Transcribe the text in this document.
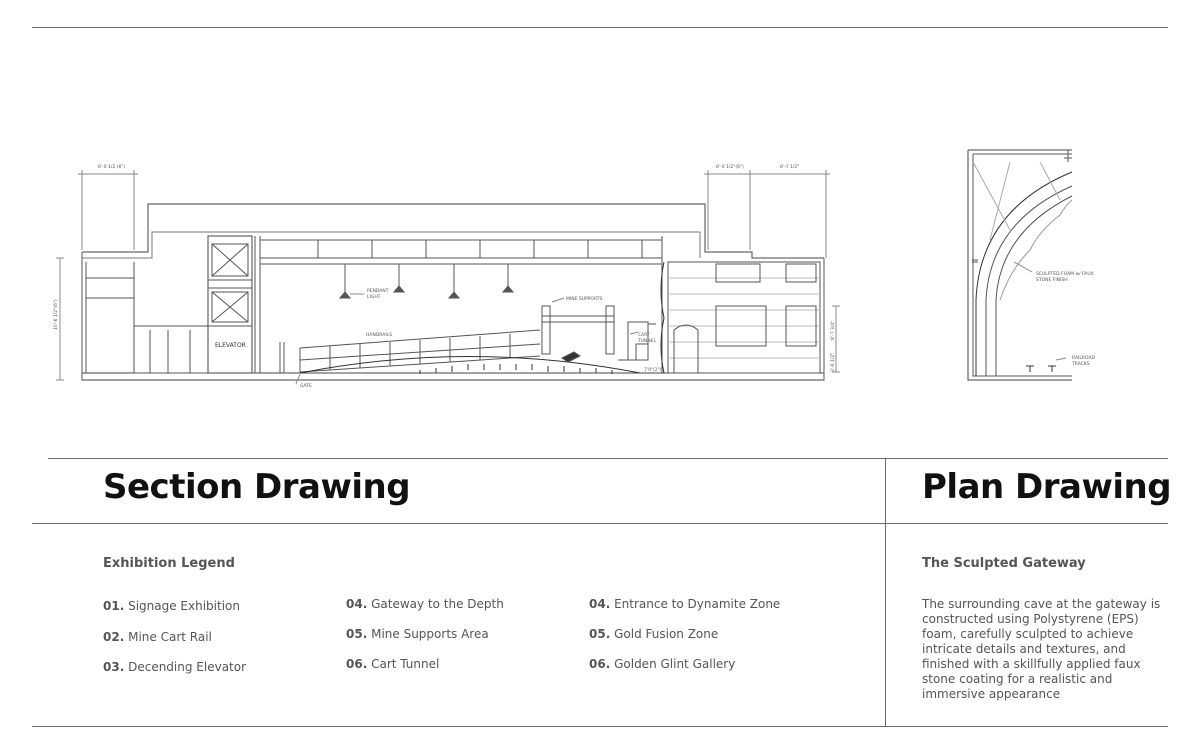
ELEVATOR
PENDANT
LIGHT	MINE SUPPORTS
HANDRAILS	CART
TUNNEL
GATE
6'-0 1/2 (6")	6'-0 1/2"(6")	6'-7 1/2"
10'-6 1/2"(6")
8'-7 3/4"
3'-6 1/2"
7'9"(2")
SCULPTED FOAM w/ FAUX
STONE FINISH
RAILROAD
TRACKS
Section Drawing
Exhibition Legend
01. Signage Exhibition
02. Mine Cart Rail
03. Decending Elevator
04. Gateway to the Depth
05. Mine Supports Area
06. Cart Tunnel
04. Entrance to Dynamite Zone
05. Gold Fusion Zone
06. Golden Glint Gallery
Plan Drawing
The Sculpted Gateway
The surrounding cave at the gateway is constructed using Polystyrene (EPS) foam, carefully sculpted to achieve intricate details and textures, and finished with a skillfully applied faux stone coating for a realistic and immersive appearance
